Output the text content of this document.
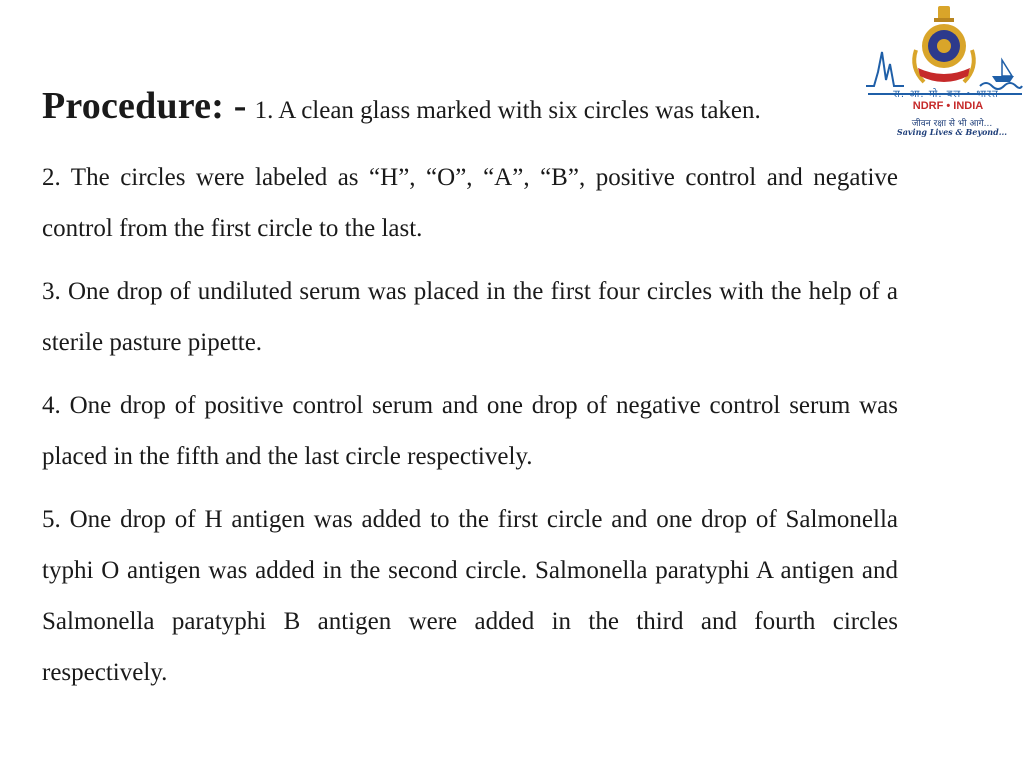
Procedure: - 1. A clean glass marked with six circles was taken.

2. The circles were labeled as “H”, “O”, “A”, “B”, positive control and negative control from the first circle to the last.

3. One drop of undiluted serum was placed in the first four circles with the help of a sterile pasture pipette.

4. One drop of positive control serum and one drop of negative control serum was placed in the fifth and the last circle respectively.

5. One drop of H antigen was added to the first circle and one drop of Salmonella typhi O antigen was added in the second circle. Salmonella paratyphi A antigen and Salmonella paratyphi B antigen were added in the third and fourth circles respectively.

रा. आ. मो. बल • भारत
NDRF • INDIA
जीवन रक्षा से भी आगे...
Saving Lives & Beyond...
